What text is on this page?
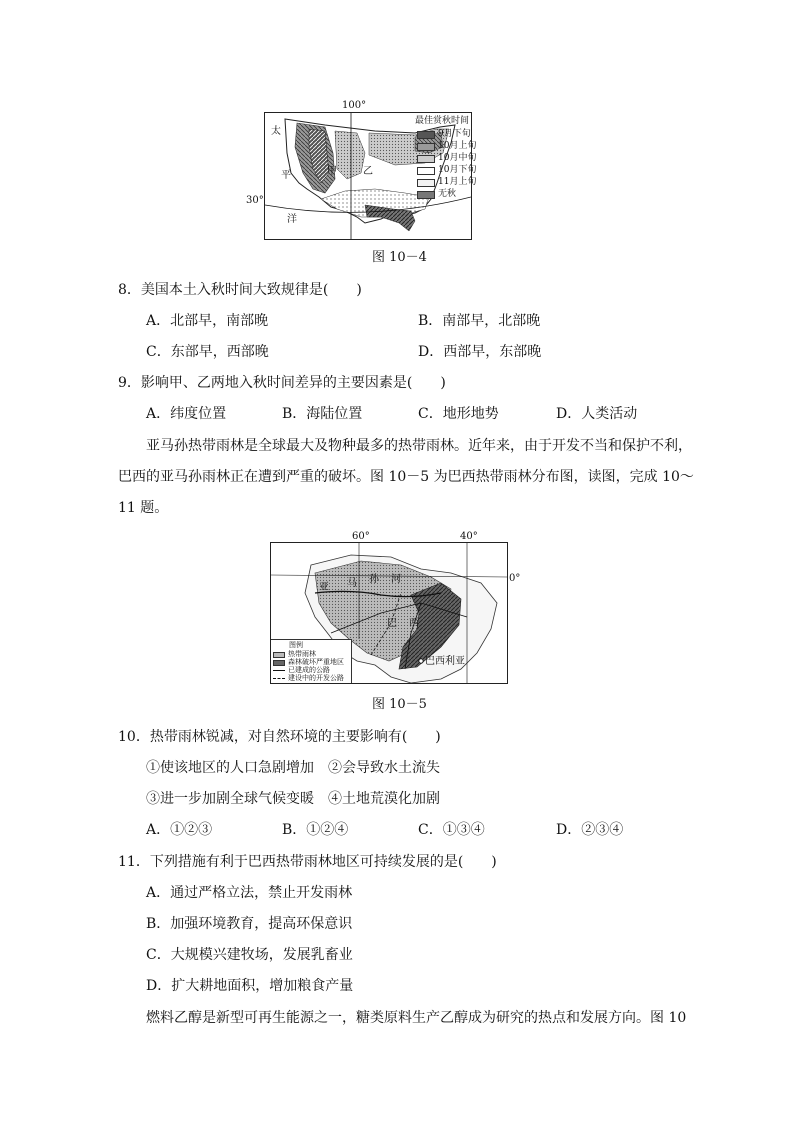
太
平
洋
甲	乙
最佳赏秋时间
9月下旬
10月上旬
10月中旬
10月下旬
11月上旬
无秋
100°
30°
图 10－4
8．美国本土入秋时间大致规律是(　　)
A．北部早，南部晚	B．南部早，北部晚
C．东部早，西部晚	D．西部早，东部晚
9．影响甲、乙两地入秋时间差异的主要因素是(　　)
A．纬度位置	B．海陆位置	C．地形地势	D．人类活动
亚马孙热带雨林是全球最大及物种最多的热带雨林。近年来，由于开发不当和保护不利，
巴西的亚马孙雨林正在遭到严重的破坏。图 10－5 为巴西热带雨林分布图，读图，完成 10～
11 题。
亚 马 孙 河
巴 西
巴西利亚
图例
热带雨林
森林破坏严重地区
已建成的公路
建设中的开发公路
60°	40°
0°
图 10－5
10．热带雨林锐减，对自然环境的主要影响有(　　)
①使该地区的人口急剧增加　②会导致水土流失
③进一步加剧全球气候变暖　④土地荒漠化加剧
A．①②③	B．①②④	C．①③④	D．②③④
11．下列措施有利于巴西热带雨林地区可持续发展的是(　　)
A．通过严格立法，禁止开发雨林
B．加强环境教育，提高环保意识
C．大规模兴建牧场，发展乳畜业
D．扩大耕地面积，增加粮食产量
燃料乙醇是新型可再生能源之一，糖类原料生产乙醇成为研究的热点和发展方向。图 10
